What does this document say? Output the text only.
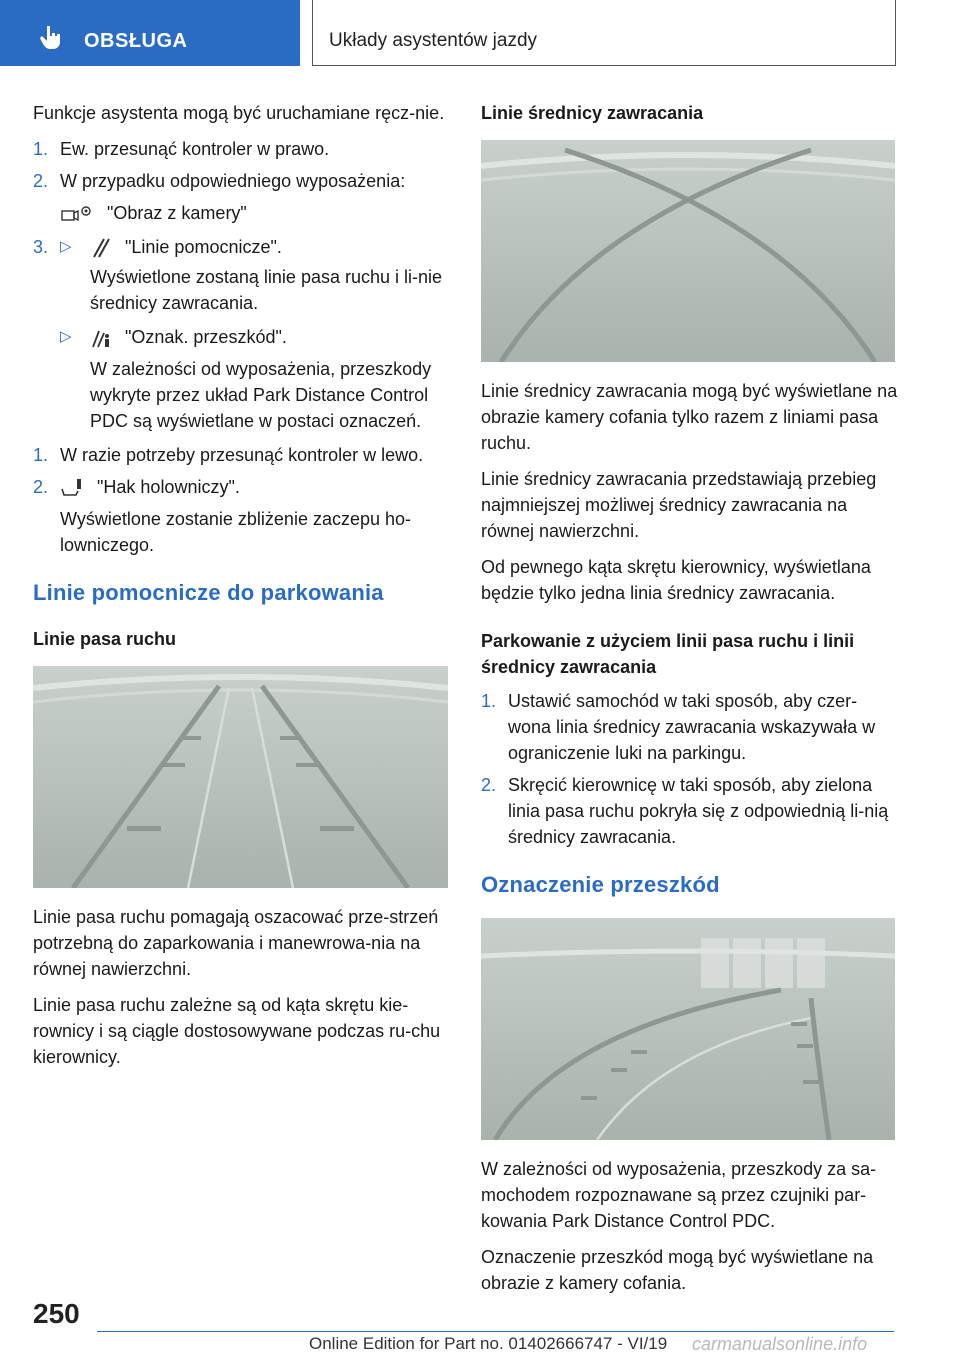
OBSŁUGA	Układy asystentów jazdy

Funkcje asystenta mogą być uruchamiane ręcz-nie.

1. Ew. przesunąć kontroler w prawo.
2. W przypadku odpowiedniego wyposażenia:
"Obraz z kamery"
3. ▷	"Linie pomocnicze".
Wyświetlone zostaną linie pasa ruchu i li-nie średnicy zawracania.
▷	"Oznak. przeszkód".
W zależności od wyposażenia, przeszkody wykryte przez układ Park Distance Control PDC są wyświetlane w postaci oznaczeń.
1. W razie potrzeby przesunąć kontroler w lewo.
2.	"Hak holowniczy".
Wyświetlone zostanie zbliżenie zaczepu ho-lowniczego.
Linie pomocnicze do parkowania
Linie pasa ruchu

Linie pasa ruchu pomagają oszacować prze-strzeń potrzebną do zaparkowania i manewrowa-nia na równej nawierzchni.

Linie pasa ruchu zależne są od kąta skrętu kie-rownicy i są ciągle dostosowywane podczas ru-chu kierownicy.

Linie średnicy zawracania

Linie średnicy zawracania mogą być wyświetlane na obrazie kamery cofania tylko razem z liniami pasa ruchu.

Linie średnicy zawracania przedstawiają przebieg najmniejszej możliwej średnicy zawracania na równej nawierzchni.

Od pewnego kąta skrętu kierownicy, wyświetlana będzie tylko jedna linia średnicy zawracania.

Parkowanie z użyciem linii pasa ruchu i linii średnicy zawracania
1. Ustawić samochód w taki sposób, aby czer-wona linia średnicy zawracania wskazywała w ograniczenie luki na parkingu.
2. Skręcić kierownicę w taki sposób, aby zielona linia pasa ruchu pokryła się z odpowiednią li-nią średnicy zawracania.
Oznaczenie przeszkód

W zależności od wyposażenia, przeszkody za sa-mochodem rozpoznawane są przez czujniki par-kowania Park Distance Control PDC.

Oznaczenie przeszkód mogą być wyświetlane na obrazie z kamery cofania.

250
Online Edition for Part no. 01402666747 - VI/19 carmanualsonline.info
